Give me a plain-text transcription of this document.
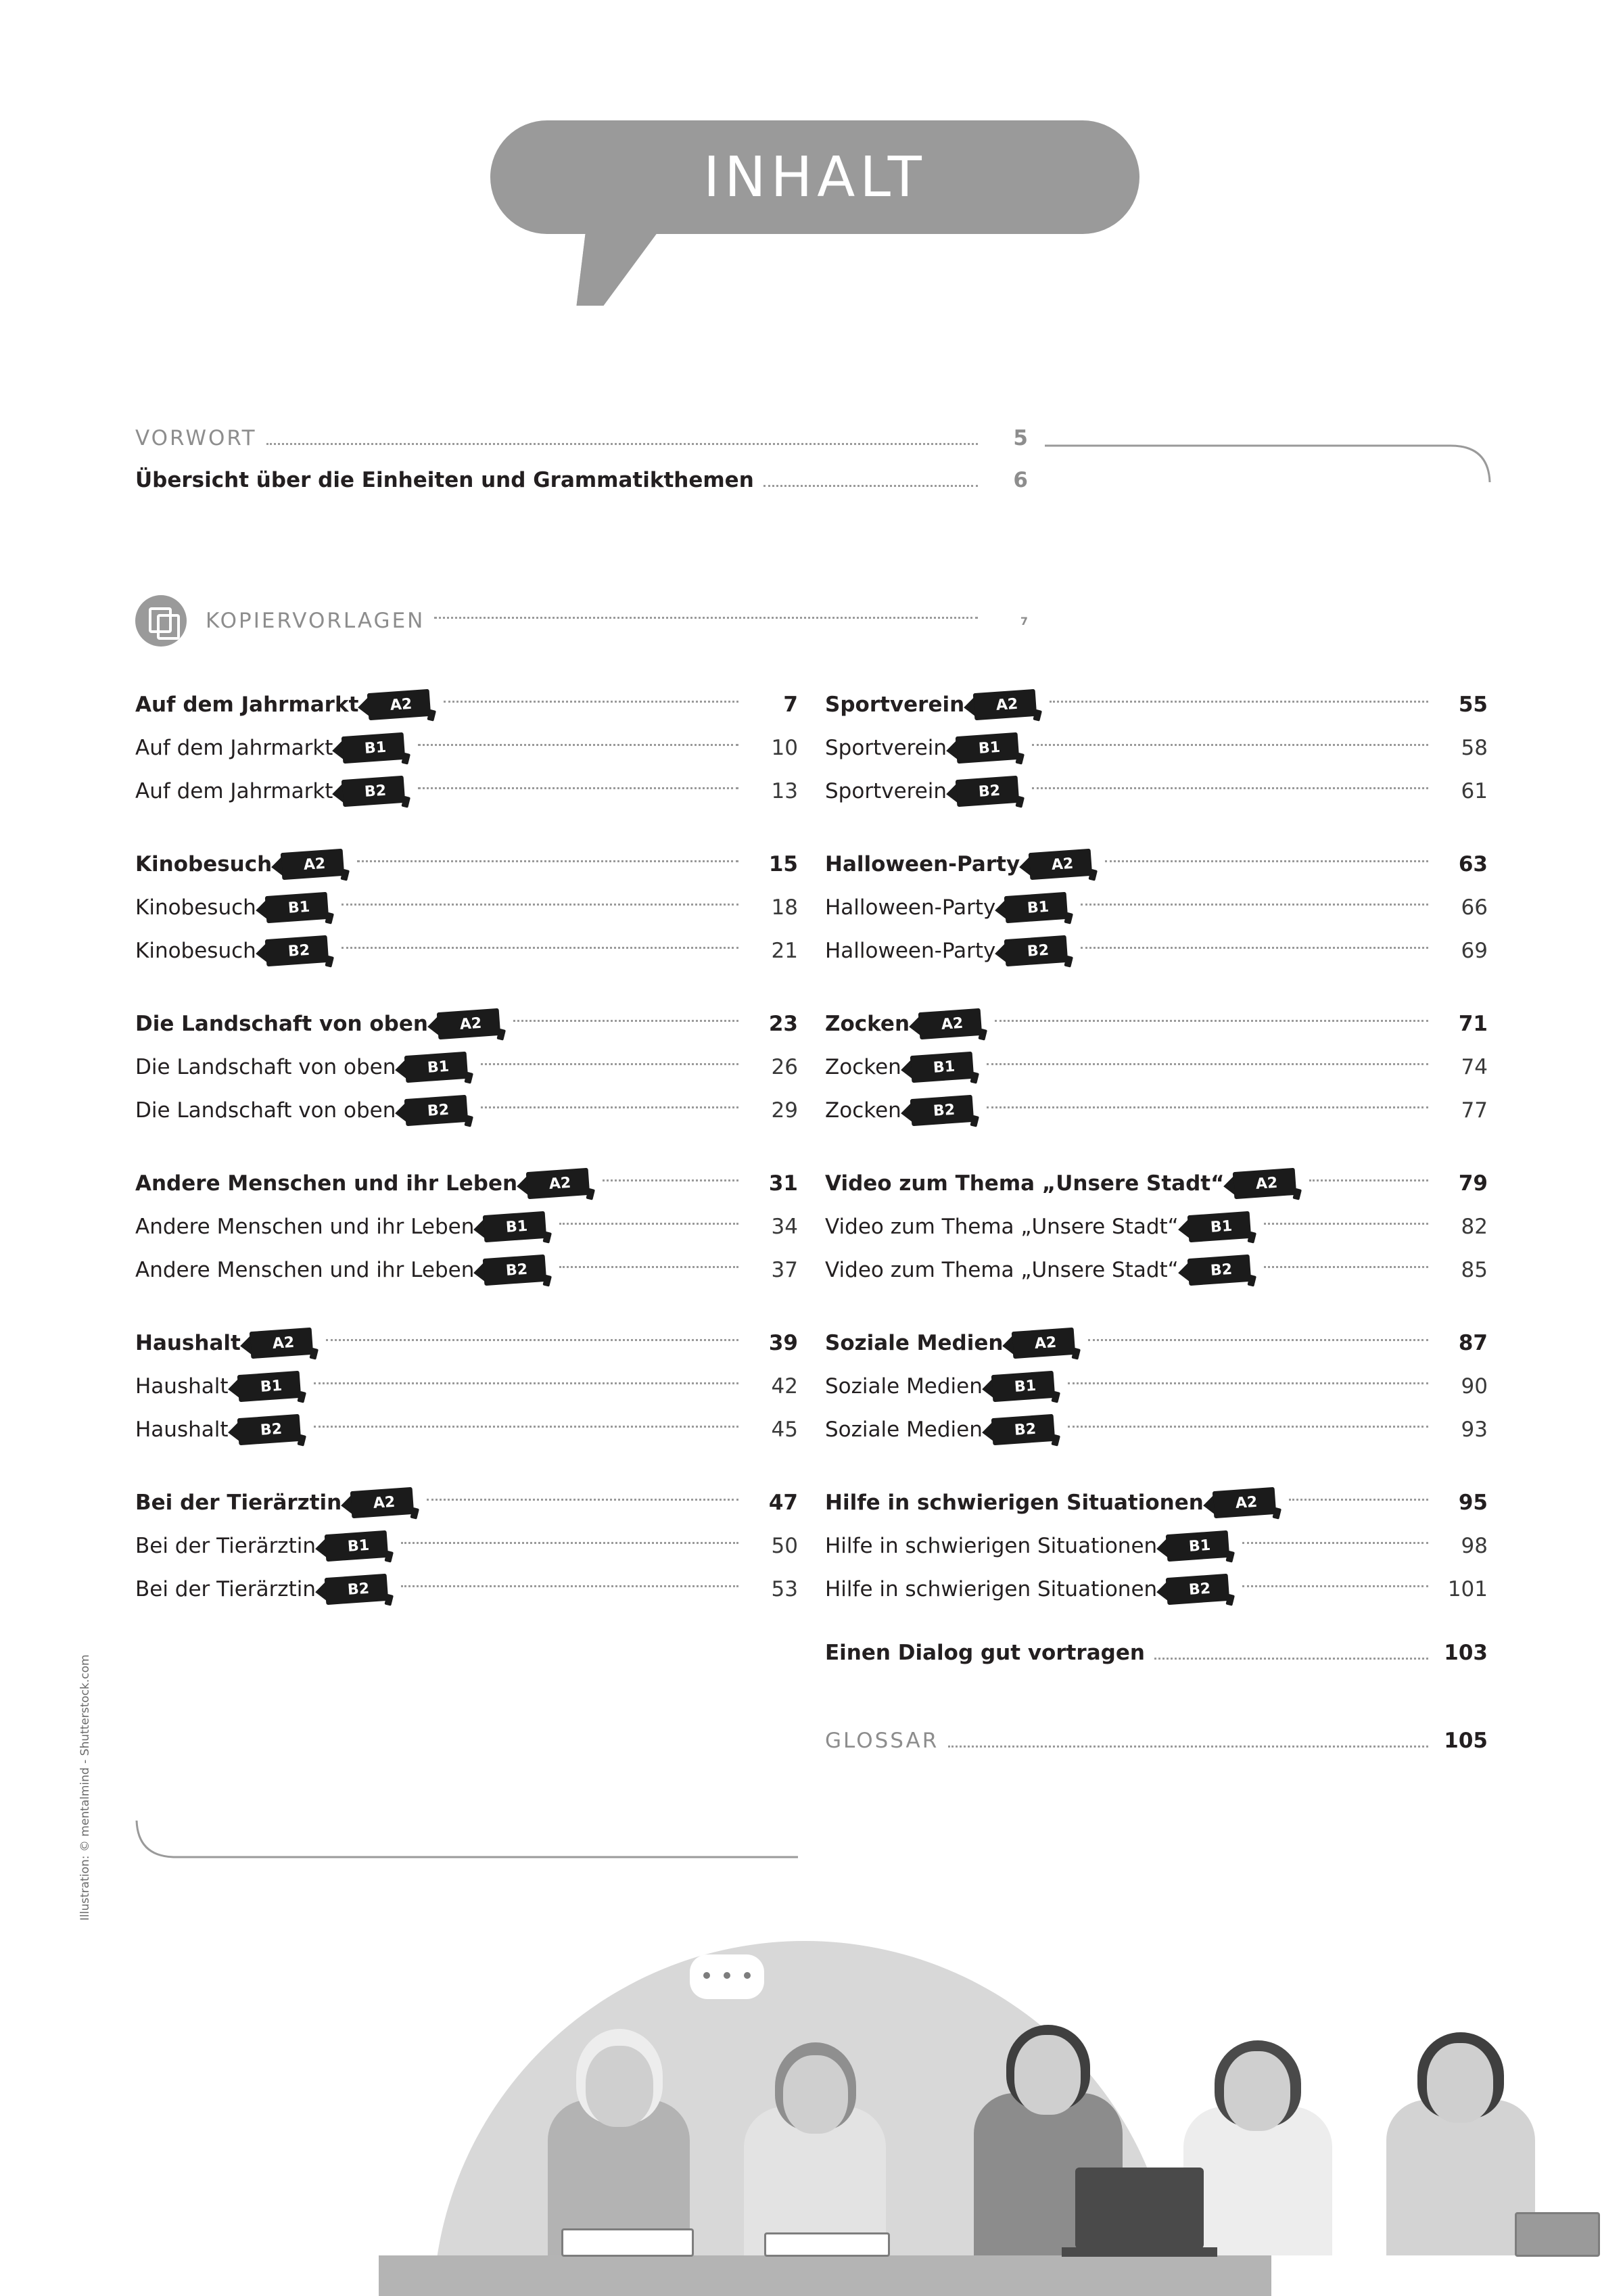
INHALT
VORWORT	5
Übersicht über die Einheiten und Grammatikthemen	6
KOPIERVORLAGEN	7
Auf dem Jahrmarkt	A2	7
Auf dem Jahrmarkt	B1	10
Auf dem Jahrmarkt	B2	13
Kinobesuch	A2	15
Kinobesuch	B1	18
Kinobesuch	B2	21
Die Landschaft von oben	A2	23
Die Landschaft von oben	B1	26
Die Landschaft von oben	B2	29
Andere Menschen und ihr Leben	A2	31
Andere Menschen und ihr Leben	B1	34
Andere Menschen und ihr Leben	B2	37
Haushalt	A2	39
Haushalt	B1	42
Haushalt	B2	45
Bei der Tierärztin	A2	47
Bei der Tierärztin	B1	50
Bei der Tierärztin	B2	53
Sportverein	A2	55
Sportverein	B1	58
Sportverein	B2	61
Halloween-Party	A2	63
Halloween-Party	B1	66
Halloween-Party	B2	69
Zocken	A2	71
Zocken	B1	74
Zocken	B2	77
Video zum Thema „Unsere Stadt“	A2	79
Video zum Thema „Unsere Stadt“	B1	82
Video zum Thema „Unsere Stadt“	B2	85
Soziale Medien	A2	87
Soziale Medien	B1	90
Soziale Medien	B2	93
Hilfe in schwierigen Situationen	A2	95
Hilfe in schwierigen Situationen	B1	98
Hilfe in schwierigen Situationen	B2	101
Einen Dialog gut vortragen	103
GLOSSAR	105
Illustration: © mentalmind - Shutterstock.com
